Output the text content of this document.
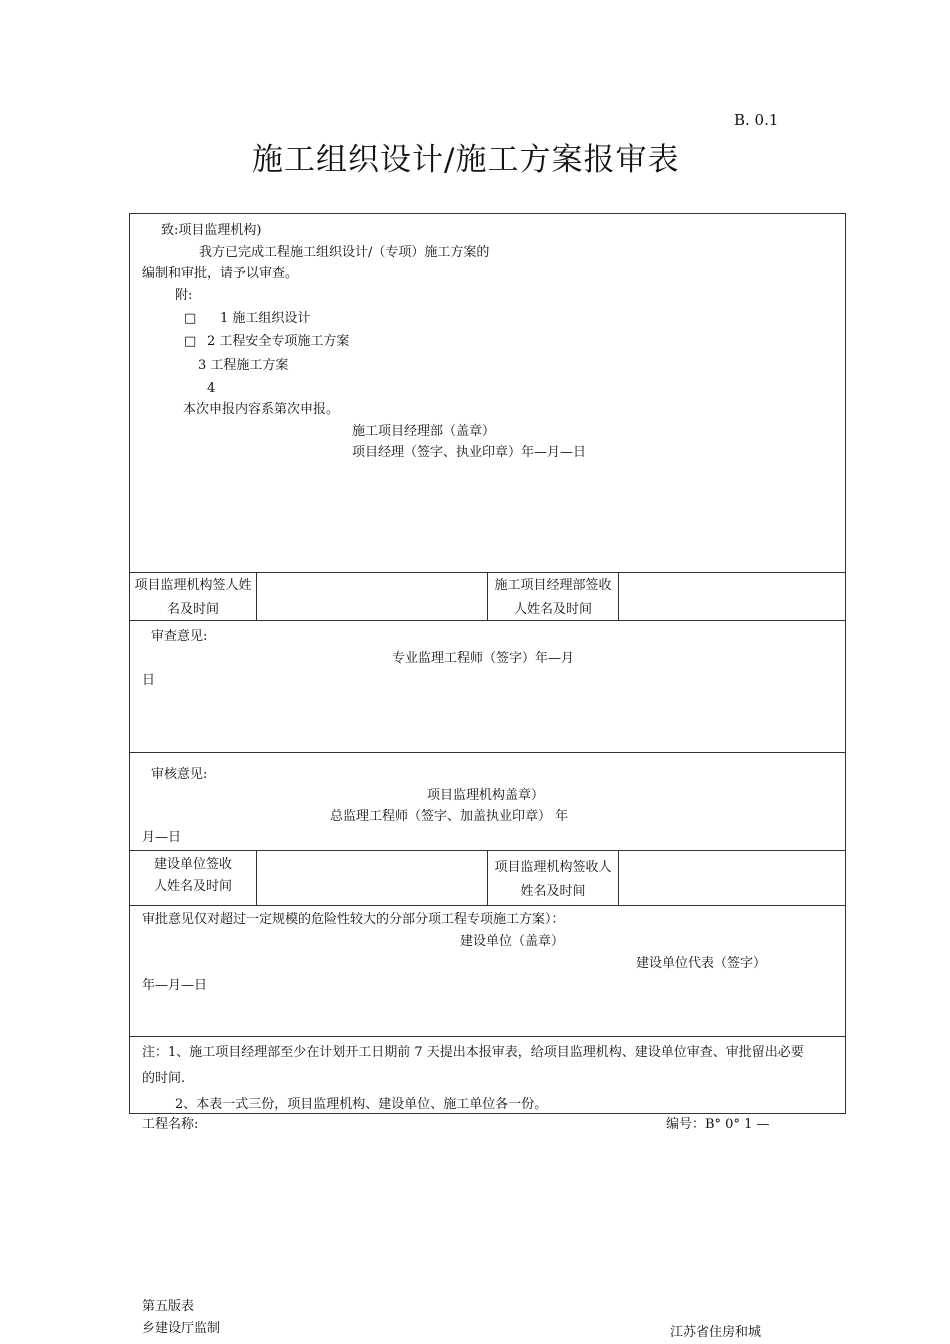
B. 0.1
施工组织设计/施工方案报审表
致:项目监理机构)
我方已完成工程施工组织设计/（专项）施工方案的
编制和审批，请予以审查。
附:
□ 1 施工组织设计
□ 2 工程安全专项施工方案
3 工程施工方案
4
本次申报内容系第次申报。
施工项目经理部（盖章）
项目经理（签字、执业印章）年—月—日
项目监理机构签人姓
名及时间
施工项目经理部签收
人姓名及时间
审查意见:
专业监理工程师（签字）年—月
日
审核意见:
项目监理机构盖章）
总监理工程师（签字、加盖执业印章） 年
月—日
建设单位签收
人姓名及时间
项目监理机构签收人
姓名及时间
审批意见仅对超过一定规模的危险性较大的分部分项工程专项施工方案）：
建设单位（盖章）
建设单位代表（签字）
年—月—日
注：1、施工项目经理部至少在计划开工日期前 7 天提出本报审表，给项目监理机构、建设单位审查、审批留出必要
的时间.
2、本表一式三份，项目监理机构、建设单位、施工单位各一份。
工程名称:	编号：B° 0° 1 —
第五版表
乡建设厅监制	江苏省住房和城
